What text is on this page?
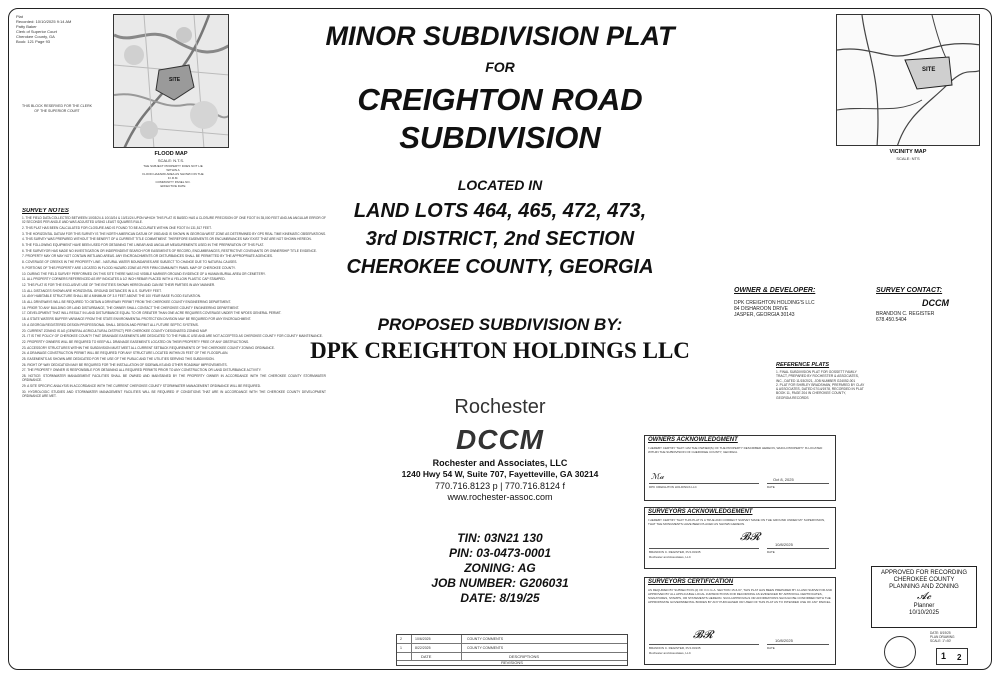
Plat
Recorded: 10/10/2025 9:14 AM
Patty Baker
Clerk of Superior Court
Cherokee County, GA
Book: 121 Page 93
THIS BLOCK RESERVED FOR THE CLERK OF THE SUPERIOR COURT
SITE
FLOOD MAP
SCALE: N.T.S.
THE SUBJECT PROPERTY DOES NOT LIE WITHIN A
FLOOD HAZARD AREA AS SHOWN ON THE F.I.R.M.
COMMUNITY PANEL NO.
EFFECTIVE DATE
SITE
VICINITY MAP
SCALE: NTS
MINOR SUBDIVISION PLAT
FOR
CREIGHTON ROAD
SUBDIVISION
LOCATED IN
LAND LOTS 464, 465, 472, 473,
3rd DISTRICT, 2nd SECTION
CHEROKEE COUNTY, GEORGIA
PROPOSED SUBDIVISION BY:
DPK CREIGHTON HOLDINGS LLC
Rochester
DCCM
Rochester and Associates, LLC
1240 Hwy 54 W, Suite 707, Fayetteville, GA 30214
770.716.8123 p | 770.716.8124 f
www.rochester-assoc.com
TIN: 03N21 130
PIN: 03-0473-0001
ZONING: AG
JOB NUMBER: G206031
DATE: 8/19/25
SURVEY NOTES
1. THE FIELD DATA COLLECTED BETWEEN 10/03/24 & 10/10/24 & 10/31/24 UPON WHICH THIS PLAT IS BASED HAS A CLOSURE PRECISION OF ONE FOOT IN 35,000 FEET AND AN ANGULAR ERROR OF 02 SECONDS PER ANGLE AND WAS ADJUSTED USING LEAST SQUARES RULE.
2. THIS PLAT HAS BEEN CALCULATED FOR CLOSURE AND IS FOUND TO BE ACCURATE WITHIN ONE FOOT IN 131,517 FEET.
3. THE HORIZONTAL DATUM FOR THIS SURVEY IS THE NORTH AMERICAN DATUM OF 1983 AND IS SHOWN IN GEORGIA WEST ZONE AS DETERMINED BY GPS REAL TIME KINEMATIC OBSERVATIONS.
4. THIS SURVEY WAS PREPARED WITHOUT THE BENEFIT OF A CURRENT TITLE COMMITMENT. THEREFORE EASEMENTS OR ENCUMBRANCES MAY EXIST THAT ARE NOT SHOWN HEREON.
5. THE FOLLOWING EQUIPMENT HAVE BEEN USED FOR OBTAINING THE LINEAR AND ANGULAR MEASUREMENTS USED IN THE PREPARATION OF THIS PLAT.
6. THE SURVEYOR HAS MADE NO INVESTIGATION OR INDEPENDENT SEARCH FOR EASEMENTS OF RECORD, ENCUMBRANCES, RESTRICTIVE COVENANTS OR OWNERSHIP TITLE EVIDENCE.
7. PROPERTY MAY OR MAY NOT CONTAIN WETLAND AREAS. ANY ENCROACHMENTS OR DISTURBANCES SHALL BE PERMITTED BY THE APPROPRIATE AGENCIES.
8. COVERAGE OF CREEKS IN THE PROPERTY LINE - NATURAL WATER BOUNDARIES ARE SUBJECT TO CHANGE DUE TO NATURAL CAUSES.
9. PORTIONS OF THIS PROPERTY ARE LOCATED IN FLOOD HAZARD ZONE AS PER FIRM COMMUNITY PANEL MAP OF CHEROKEE COUNTY.
10. DURING THE FIELD SURVEY PERFORMED ON THIS SITE THERE WAS NO VISIBLE MARKER GROUND EVIDENCE OF A HUMAN BURIAL AREA OR CEMETERY.
11. ALL PROPERTY CORNERS REFERENCED AS IRF INDICATES A 1/2 INCH REBAR PLACED WITH A YELLOW PLASTIC CAP STAMPED.
12. THIS PLAT IS FOR THE EXCLUSIVE USE OF THE ENTITIES SHOWN HEREON AND CAN BE THEIR PARTIES IN ANY MANNER.
13. ALL DISTANCES SHOWN ARE HORIZONTAL GROUND DISTANCES IN U.S. SURVEY FEET.
14. ANY HABITABLE STRUCTURE SHALL BE A MINIMUM OF 3.0 FEET ABOVE THE 100 YEAR BASE FLOOD ELEVATION.
15. ALL DRIVEWAYS WILL BE REQUIRED TO OBTAIN A DRIVEWAY PERMIT FROM THE CHEROKEE COUNTY ENGINEERING DEPARTMENT.
16. PRIOR TO ANY BUILDING OR LAND DISTURBANCE, THE OWNER SHALL CONTACT THE CHEROKEE COUNTY ENGINEERING DEPARTMENT.
17. DEVELOPMENT THAT WILL RESULT IN LAND DISTURBANCE EQUAL TO OR GREATER THAN ONE ACRE REQUIRES COVERAGE UNDER THE NPDES GENERAL PERMIT.
18. A STATE WATERS BUFFER VARIANCE FROM THE STATE ENVIRONMENTAL PROTECTION DIVISION MAY BE REQUIRED FOR ANY ENCROACHMENT.
19. A GEORGIA REGISTERED DESIGN PROFESSIONAL SHALL DESIGN AND PERMIT ALL FUTURE SEPTIC SYSTEMS.
20. CURRENT ZONING IS AG (GENERAL AGRICULTURAL DISTRICT) PER CHEROKEE COUNTY DESIGNATED ZONING MAP.
21. IT IS THE POLICY OF CHEROKEE COUNTY THAT DRAINAGE EASEMENTS ARE DEDICATED TO THE PUBLIC USE AND ARE NOT ACCEPTED AS CHEROKEE COUNTY FOR COUNTY MAINTENANCE.
22. PROPERTY OWNERS WILL BE REQUIRED TO KEEP ALL DRAINAGE EASEMENTS LOCATED ON THEIR PROPERTY FREE OF ANY OBSTRUCTIONS.
23. ACCESSORY STRUCTURES WITHIN THE SUBDIVISION MUST MEET ALL CURRENT SETBACK REQUIREMENTS OF THE CHEROKEE COUNTY ZONING ORDINANCE.
24. A DRAINAGE CONSTRUCTION PERMIT WILL BE REQUIRED FOR ANY STRUCTURE LOCATED WITHIN 25 FEET OF THE FLOODPLAIN.
25. EASEMENTS AS SHOWN ARE DEDICATED FOR THE USE OF THE PUBLIC AND THE UTILITIES SERVING THIS SUBDIVISION.
26. RIGHT OF WAY DEDICATION MAY BE REQUIRED FOR THE INSTALLATION OF SIDEWALKS AND OTHER ROADWAY IMPROVEMENTS.
27. THE PROPERTY OWNER IS RESPONSIBLE FOR OBTAINING ALL REQUIRED PERMITS PRIOR TO ANY CONSTRUCTION OR LAND DISTURBANCE ACTIVITY.
28. NOTICE: STORMWATER MANAGEMENT FACILITIES SHALL BE OWNED AND MAINTAINED BY THE PROPERTY OWNER IN ACCORDANCE WITH THE CHEROKEE COUNTY STORMWATER ORDINANCE.
29. A SITE SPECIFIC ANALYSIS IN ACCORDANCE WITH THE CURRENT CHEROKEE COUNTY STORMWATER MANAGEMENT ORDINANCE WILL BE REQUIRED.
30. HYDROLOGIC STUDIES AND STORMWATER MANAGEMENT FACILITIES WILL BE REQUIRED IF CONDITIONS THAT ARE IN ACCORDANCE WITH THE CHEROKEE COUNTY DEVELOPMENT ORDINANCE ARE MET.
OWNER & DEVELOPER:
DPK CREIGHTON HOLDING'S LLC
84 DISHAROON DRIVE
JASPER, GEORGIA 30143
SURVEY CONTACT:
DCCM
BRANDON C. REGISTER
678.450.5404
REFERENCE PLATS
1. FINAL SUBDIVISION PLAT FOR GOSSETT FAMILY
TRACT, PREPARED BY ROCHESTER & ASSOCIATES,
INC., DATED 11/15/2021, JOB NUMBER G24052-001
2. PLAT FOR SHIRLEY BRADSHAW, PREPARED BY CLAY
& ASSOCIATES, DATED 07/14/1978, RECORDED IN PLAT
BOOK 11, PAGE 204 IN CHEROKEE COUNTY,
GEORGIA RECORDS
OWNERS ACKNOWLEDGMENT
I HEREBY CERTIFY THAT I AM THE OWNER(S) OF THE PROPERTY DESCRIBED HEREON, WHICH PROPERTY IS LOCATED WITHIN THE SUBDIVISION OF CHEROKEE COUNTY, GEORGIA.
ℳ𝒶	Oct 8, 2025
DPK CREIGHTON HOLDINGS LLC	DATE
SURVEYORS ACKNOWLEDGEMENT
I HEREBY CERTIFY THAT THIS PLAT IS A TRUE AND CORRECT SURVEY MADE ON THE GROUND UNDER MY SUPERVISION, THAT THE MONUMENTS HAVE BEEN PLACED AS SHOWN HEREON.
𝓑𝓡
10/8/2025
BRANDON C. REGISTER, PLS #3135
Rochester and Associates, LLC
DATE
SURVEYORS CERTIFICATION
AS REQUIRED BY SUBSECTION (d) OF O.C.G.A. SECTION 15-6-67, THIS PLAT HAS BEEN PREPARED BY A LAND SURVEYOR AND APPROVED BY ALL APPLICABLE LOCAL JURISDICTIONS FOR RECORDING AS EVIDENCED BY APPROVAL CERTIFICATES, SIGNATURES, STAMPS, OR STATEMENTS HEREON. SUCH APPROVALS OR AFFIRMATIONS SHOULD BE CONFIRMED WITH THE APPROPRIATE GOVERNMENTAL BODIES BY ANY PURCHASER OR USER OF THIS PLAT AS TO INTENDED USE OF ANY PARCEL.
𝓑𝓡	10/8/2025
BRANDON C. REGISTER, PLS #3135
Rochester and Associates, LLC
DATE
APPROVED FOR RECORDING
CHEROKEE COUNTY
PLANNING AND ZONING
𝓐𝓬
Planner
10/10/2025
2	10/6/2025	COUNTY COMMENTS
1	8/22/2025	COUNTY COMMENTS
DATE	DESCRIPTIONS
REVISIONS
DATE: 8/19/25
PLAN DRAWING
SCALE: 1"=50'
1 2
